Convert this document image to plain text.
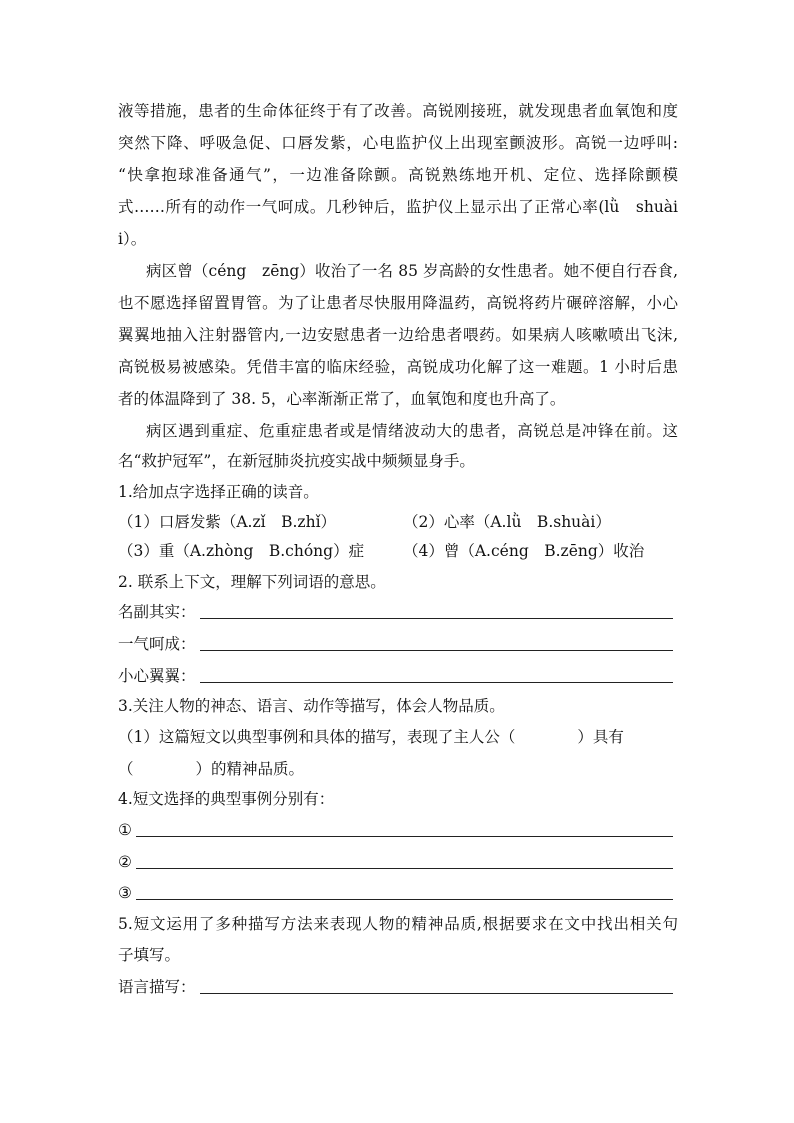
液等措施，患者的生命体征终于有了改善。高锐刚接班，就发现患者血氧饱和度
突然下降、呼吸急促、口唇发紫，心电监护仪上出现室颤波形。高锐一边呼叫:
“快拿抱球准备通气”，一边准备除颤。高锐熟练地开机、定位、选择除颤模
式……所有的动作一气呵成。几秒钟后，监护仪上显示出了正常心率(lǜ　shuài
i）。
病区曾（céng　zēng）收治了一名 85 岁高龄的女性患者。她不便自行吞食,
也不愿选择留置胃管。为了让患者尽快服用降温药，高锐将药片碾碎溶解，小心
翼翼地抽入注射器管内,一边安慰患者一边给患者喂药。如果病人咳嗽喷出飞沫,
高锐极易被感染。凭借丰富的临床经验，高锐成功化解了这一难题。1 小时后患
者的体温降到了 38. 5，心率渐渐正常了，血氧饱和度也升高了。
病区遇到重症、危重症患者或是情绪波动大的患者，高锐总是冲锋在前。这
名“救护冠军”，在新冠肺炎抗疫实战中频频显身手。
1.给加点字选择正确的读音。
（1）口唇发紫（A.zǐ　B.zhǐ）	（2）心率（A.lǜ　B.shuài）
（3）重（A.zhòng　B.chóng）症	（4）曾（A.céng　B.zēng）收治
2. 联系上下文，理解下列词语的意思。
名副其实：
一气呵成：
小心翼翼：
3.关注人物的神态、语言、动作等描写，体会人物品质。
（1）这篇短文以典型事例和具体的描写，表现了主人公（　　　　）具有
（　　　　）的精神品质。
4.短文选择的典型事例分别有：
①
②
③
5.短文运用了多种描写方法来表现人物的精神品质,根据要求在文中找出相关句
子填写。
语言描写：
